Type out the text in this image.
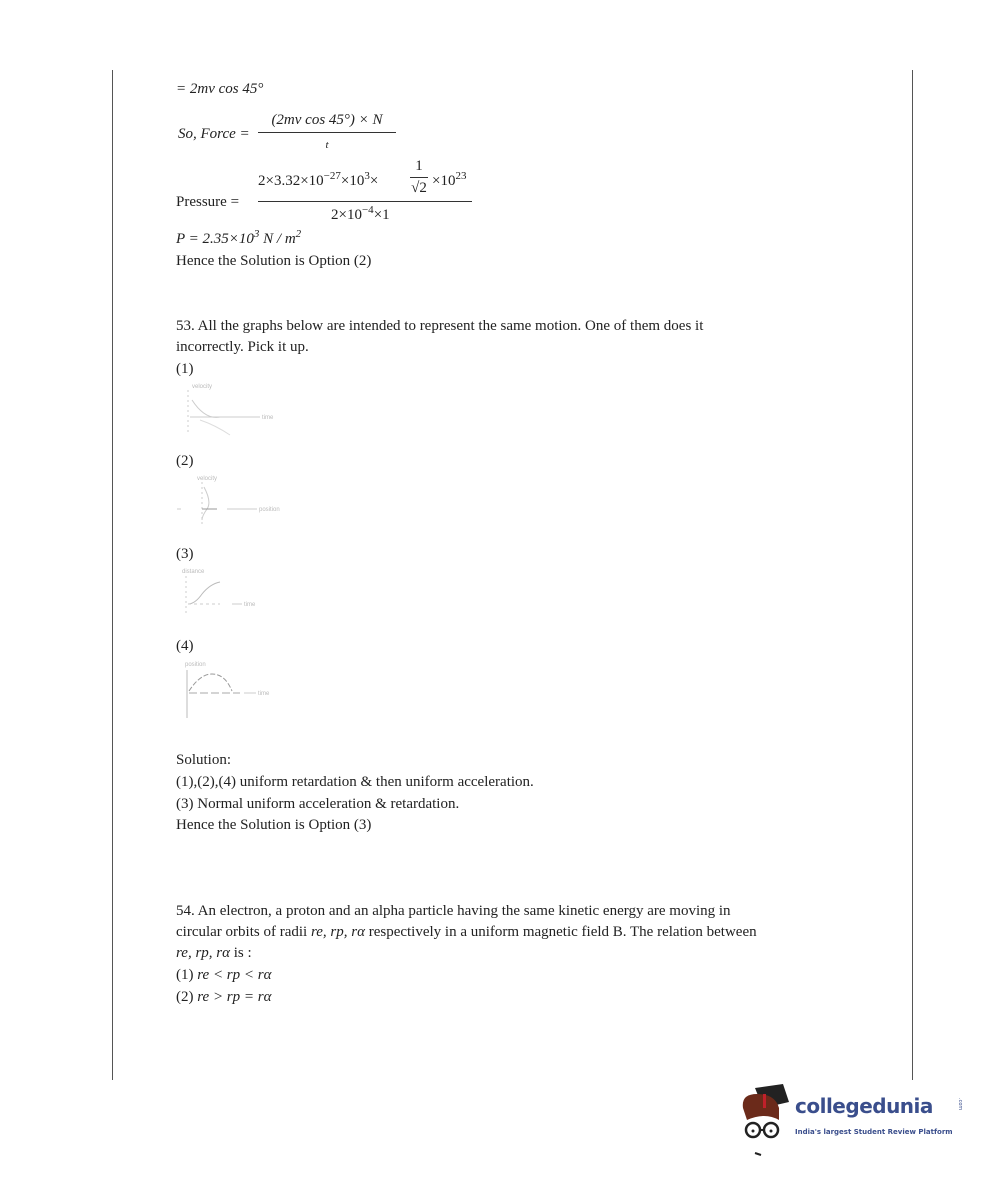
= 2mv cos 45°
So, Force =
(2mv cos 45°) × N
t
Pressure =
$2\times 3.32\times 10^{-27}\times 10^3\times$
1
$√2 \times 10^{23}$
$2\times 10^{-4}\times 1$
$P = 2.35\times 10^3$ N / $m^2$
Hence the Solution is Option (2)
53. All the graphs below are intended to represent the same motion. One of them does it
incorrectly. Pick it up.
(1)
velocity
time
(2)
velocity
position
(3)
distance
time
(4)
position
time
Solution:
(1),(2),(4) uniform retardation & then uniform acceleration.
(3) Normal uniform acceleration & retardation.
Hence the Solution is Option (3)
54. An electron, a proton and an alpha particle having the same kinetic energy are moving in
circular orbits of radii re, rp, rα respectively in a uniform magnetic field B. The relation between
re, rp, rα is :
(1) re < rp < rα
(2) re > rp = rα
collegedunia	.com
India's largest Student Review Platform
